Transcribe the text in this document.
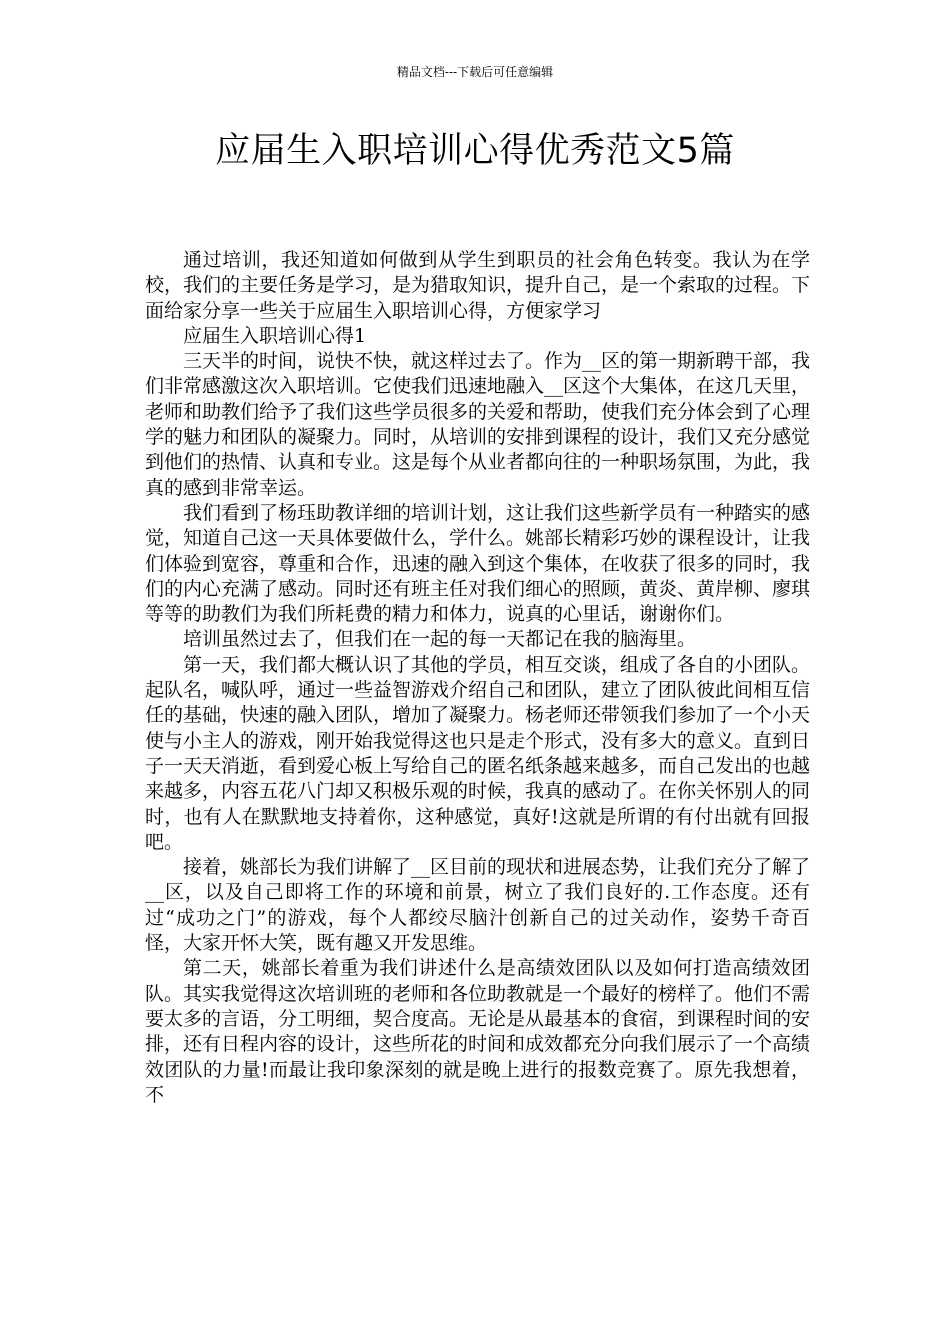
精品文档---下载后可任意编辑
应届生入职培训心得优秀范文5篇

通过培训，我还知道如何做到从学生到职员的社会角色转变。我认为在学校，我们的主要任务是学习，是为猎取知识，提升自己，是一个索取的过程。下面给家分享一些关于应届生入职培训心得，方便家学习

应届生入职培训心得1

三天半的时间，说快不快，就这样过去了。作为__区的第一期新聘干部，我们非常感激这次入职培训。它使我们迅速地融入__区这个大集体，在这几天里，老师和助教们给予了我们这些学员很多的关爱和帮助，使我们充分体会到了心理学的魅力和团队的凝聚力。同时，从培训的安排到课程的设计，我们又充分感觉到他们的热情、认真和专业。这是每个从业者都向往的一种职场氛围，为此，我真的感到非常幸运。

我们看到了杨珏助教详细的培训计划，这让我们这些新学员有一种踏实的感觉，知道自己这一天具体要做什么，学什么。姚部长精彩巧妙的课程设计，让我们体验到宽容，尊重和合作，迅速的融入到这个集体，在收获了很多的同时，我们的内心充满了感动。同时还有班主任对我们细心的照顾，黄炎、黄岸柳、廖琪等等的助教们为我们所耗费的精力和体力，说真的心里话，谢谢你们。

培训虽然过去了，但我们在一起的每一天都记在我的脑海里。

第一天，我们都大概认识了其他的学员，相互交谈，组成了各自的小团队。起队名，喊队呼，通过一些益智游戏介绍自己和团队，建立了团队彼此间相互信任的基础，快速的融入团队，增加了凝聚力。杨老师还带领我们参加了一个小天使与小主人的游戏，刚开始我觉得这也只是走个形式，没有多大的意义。直到日子一天天消逝，看到爱心板上写给自己的匿名纸条越来越多，而自己发出的也越来越多，内容五花八门却又积极乐观的时候，我真的感动了。在你关怀别人的同时，也有人在默默地支持着你，这种感觉，真好!这就是所谓的有付出就有回报吧。

接着，姚部长为我们讲解了__区目前的现状和进展态势，让我们充分了解了__区，以及自己即将工作的环境和前景，树立了我们良好的.工作态度。还有过“成功之门”的游戏，每个人都绞尽脑汁创新自己的过关动作，姿势千奇百怪，大家开怀大笑，既有趣又开发思维。

第二天，姚部长着重为我们讲述什么是高绩效团队以及如何打造高绩效团队。其实我觉得这次培训班的老师和各位助教就是一个最好的榜样了。他们不需要太多的言语，分工明细，契合度高。无论是从最基本的食宿，到课程时间的安排，还有日程内容的设计，这些所花的时间和成效都充分向我们展示了一个高绩效团队的力量!而最让我印象深刻的就是晚上进行的报数竞赛了。原先我想着，不
